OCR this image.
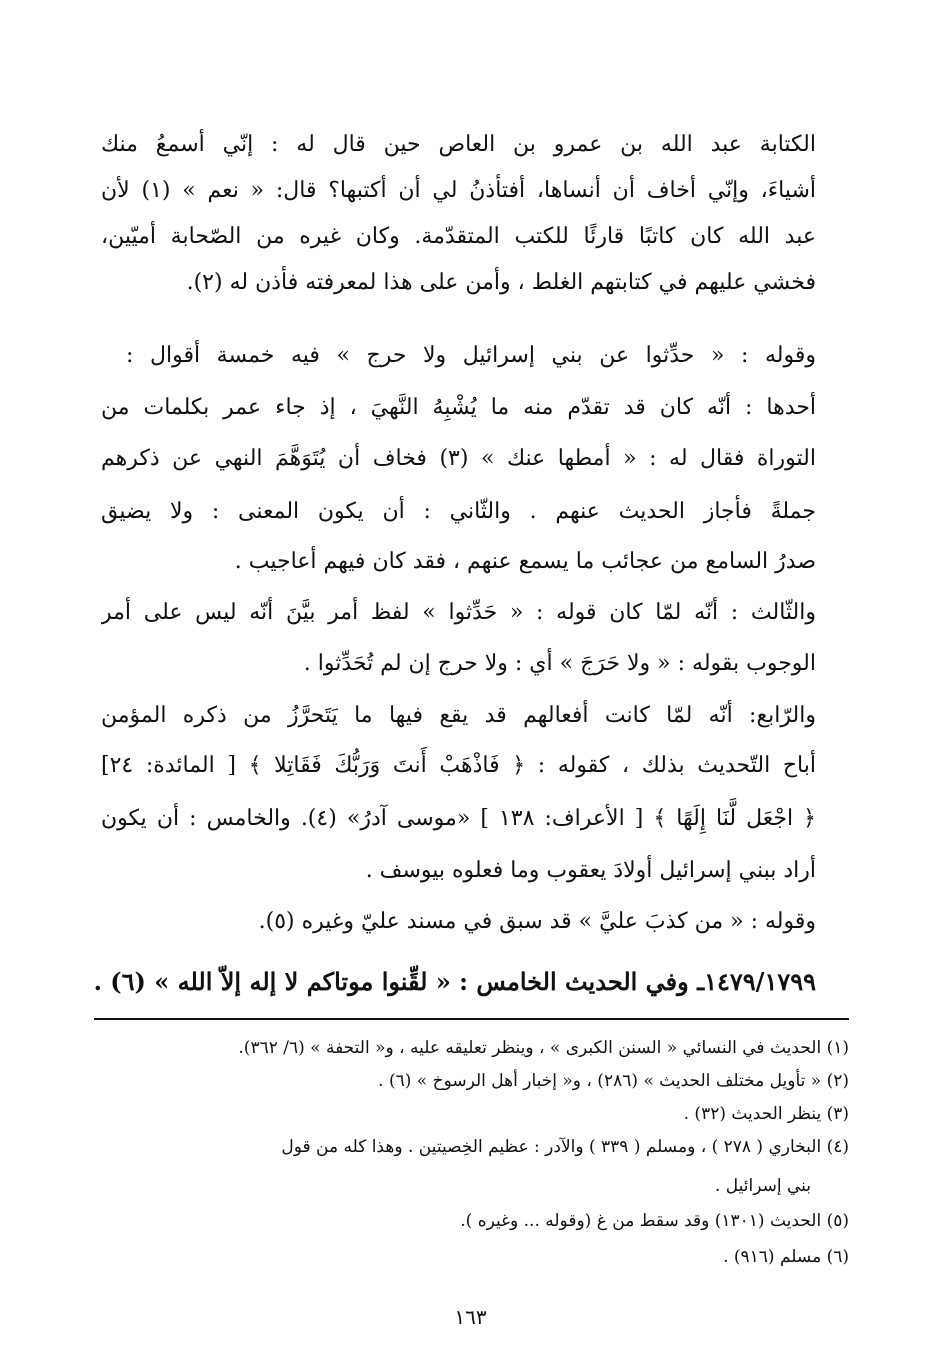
الكتابة عبد الله بن عمرو بن العاص حين قال له : إنّي أسمعُ منك
أشياءَ، وإنّي أخاف أن أنساها، أفتأذنُ لي أن أكتبها؟ قال: « نعم » (١) لأن
عبد الله كان كاتبًا قارئًا للكتب المتقدّمة. وكان غيره من الصّحابة أميّين،
فخشي عليهم في كتابتهم الغلط ، وأمن على هذا لمعرفته فأذن له (٢).
وقوله : « حدِّثوا عن بني إسرائيل ولا حرج » فيه خمسة أقوال :
أحدها : أنّه كان قد تقدّم منه ما يُشْبِهُ النَّهيَ ، إذ جاء عمر بكلمات من
التوراة فقال له : « أمطها عنك » (٣) فخاف أن يُتَوَهَّمَ النهي عن ذكرهم
جملةً فأجاز الحديث عنهم . والثّاني : أن يكون المعنى : ولا يضيق
صدرُ السامع من عجائب ما يسمع عنهم ، فقد كان فيهم أعاجيب .
والثّالث : أنّه لمّا كان قوله : « حَدِّثوا » لفظ أمر بيَّنَ أنّه ليس على أمر
الوجوب بقوله : « ولا حَرَجَ » أي : ولا حرج إن لم تُحَدِّثوا .
والرّابع: أنّه لمّا كانت أفعالهم قد يقع فيها ما يَتَحرَّزُ من ذكره المؤمن
أباح التّحديث بذلك ، كقوله : ﴿ فَاذْهَبْ أَنتَ وَرَبُّكَ فَقَاتِلا ﴾ [ المائدة: ٢٤]
﴿ اجْعَل لَّنَا إِلَهًا ﴾ [ الأعراف: ١٣٨ ] «موسى آدرُ» (٤). والخامس : أن يكون
أراد ببني إسرائيل أولادَ يعقوب وما فعلوه بيوسف .
وقوله : « من كذبَ عليَّ » قد سبق في مسند عليّ وغيره (٥).
١٤٧٩/١٧٩٩ـ وفي الحديث الخامس : « لقِّنوا موتاكم لا إله إلاّ الله » (٦) .
(١) الحديث في النسائي « السنن الكبرى » ، وينظر تعليقه عليه ، و« التحفة » (٦/ ٣٦٢).
(٢) « تأويل مختلف الحديث » (٢٨٦) ، و« إخبار أهل الرسوخ » (٦) .
(٣) ينظر الحديث (٣٢) .
(٤) البخاري ( ٢٧٨ ) ، ومسلم ( ٣٣٩ ) والآدر : عظيم الخِصيتين . وهذا كله من قول
بني إسرائيل .
(٥) الحديث (١٣٠١) وقد سقط من غ (وقوله ... وغيره ).
(٦) مسلم (٩١٦) .
١٦٣
